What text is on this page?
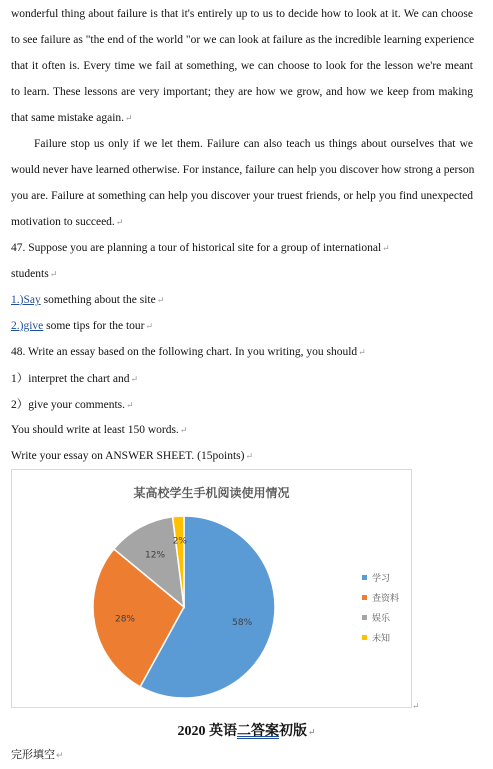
wonderful thing about failure is that it's entirely up to us to decide how to look at it. We can choose
to see failure as "the end of the world "or we can look at failure as the incredible learning experience
that it often is. Every time we fail at something, we can choose to look for the lesson we're meant
to learn. These lessons are very important; they are how we grow, and how we keep from making
that same mistake again.↵
Failure stop us only if we let them. Failure can also teach us things about ourselves that we
would never have learned otherwise. For instance, failure can help you discover how strong a person
you are. Failure at something can help you discover your truest friends, or help you find unexpected
motivation to succeed.↵
47. Suppose you are planning a tour of historical site for a group of international↵
students↵
1.)Say something about the site↵
2.)give some tips for the tour↵
48. Write an essay based on the following chart. In you writing, you should↵
1）interpret the chart and↵
2）give your comments.↵
You should write at least 150 words.↵
Write your essay on ANSWER SHEET. (15points)↵
某高校学生手机阅读使用情况
58%
28%
12%
2%
学习
查资料
娱乐
未知
↵
2020 英语二答案初版↵
完形填空↵
